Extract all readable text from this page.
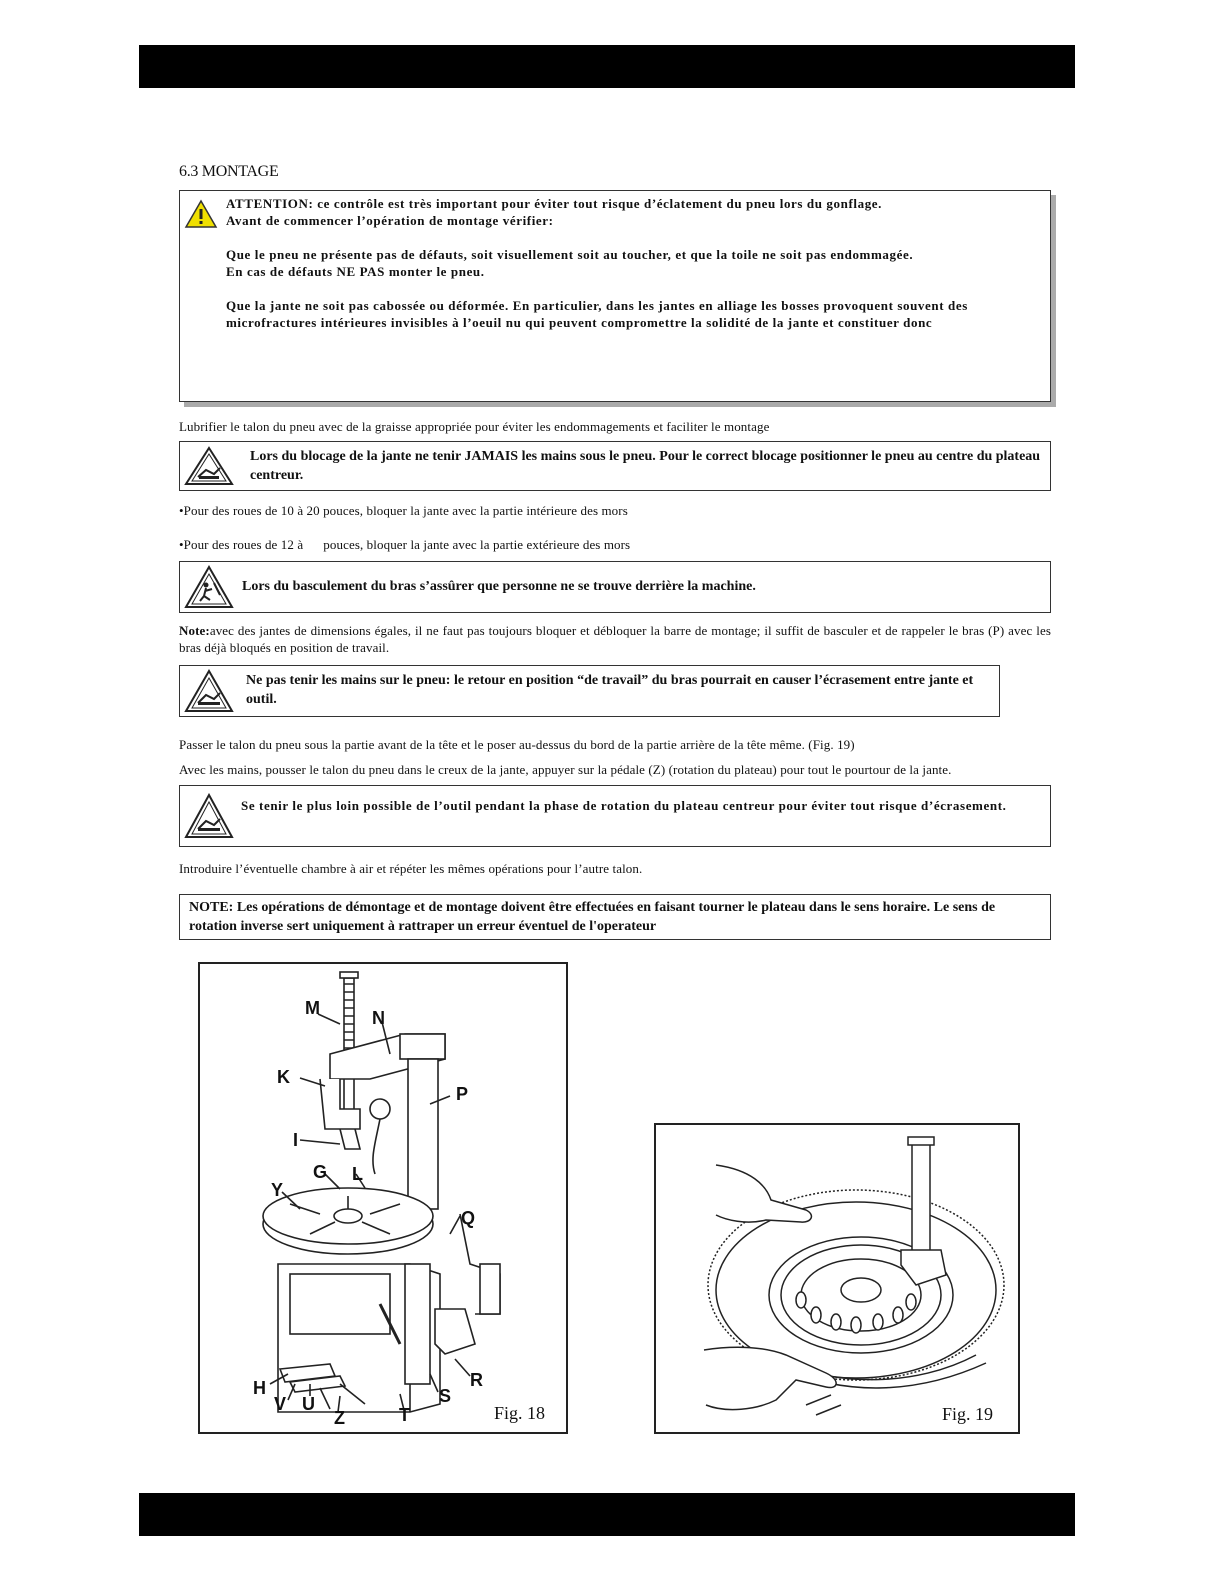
6.3 MONTAGE
ATTENTION: ce contrôle est très important pour éviter tout risque d’éclatement du pneu lors du gonflage.
Avant de commencer l’opération de montage vérifier:
Que le pneu ne présente pas de défauts, soit visuellement soit au toucher, et que la toile ne soit pas endommagée.
En cas de défauts NE PAS monter le pneu.
Que la jante ne soit pas cabossée ou déformée. En particulier, dans les jantes en alliage les bosses provoquent souvent des
microfractures intérieures invisibles à l’oeuil nu qui peuvent compromettre la solidité de la jante et constituer donc
Lubrifier le talon du pneu avec de la graisse appropriée pour éviter les endommagements et faciliter le montage
Lors du blocage de la jante ne tenir JAMAIS les mains sous le pneu. Pour le correct blocage positionner le pneu au centre du plateau centreur.
•Pour des roues de 10 à 20 pouces, bloquer la jante avec la partie intérieure des mors
•Pour des roues de 12 à      pouces, bloquer la jante avec la partie extérieure des mors
Lors du basculement du bras s’assûrer que personne ne se trouve derrière la machine.
Note:avec des jantes de dimensions égales, il ne faut pas toujours bloquer et débloquer la barre de montage; il suffit de basculer et de rappeler le bras (P) avec les bras déjà bloqués en position de travail.
Ne pas tenir les mains sur le pneu: le retour en position “de travail” du bras pourrait en causer l’écrasement entre jante et outil.
Passer le talon du pneu sous la partie avant de la tête et le poser au-dessus du bord de la partie arrière de la tête même. (Fig. 19)
Avec les mains, pousser le talon du pneu dans le creux de la jante, appuyer sur la pédale (Z) (rotation du plateau) pour tout le pourtour de la jante.
Se tenir le plus loin possible de l’outil pendant la phase de rotation du plateau centreur pour éviter tout risque d’écrasement.
Introduire l’éventuelle chambre à air et répéter les mêmes opérations pour l’autre talon.
NOTE: Les opérations de démontage et de montage doivent être effectuées en faisant tourner le plateau dans le sens horaire. Le sens de rotation inverse sert uniquement à rattraper un erreur éventuel de l'operateur
M	N
K
P
I
G L
Y
Q
H
V U
Z	T
S
R
Fig. 18	Fig. 19
